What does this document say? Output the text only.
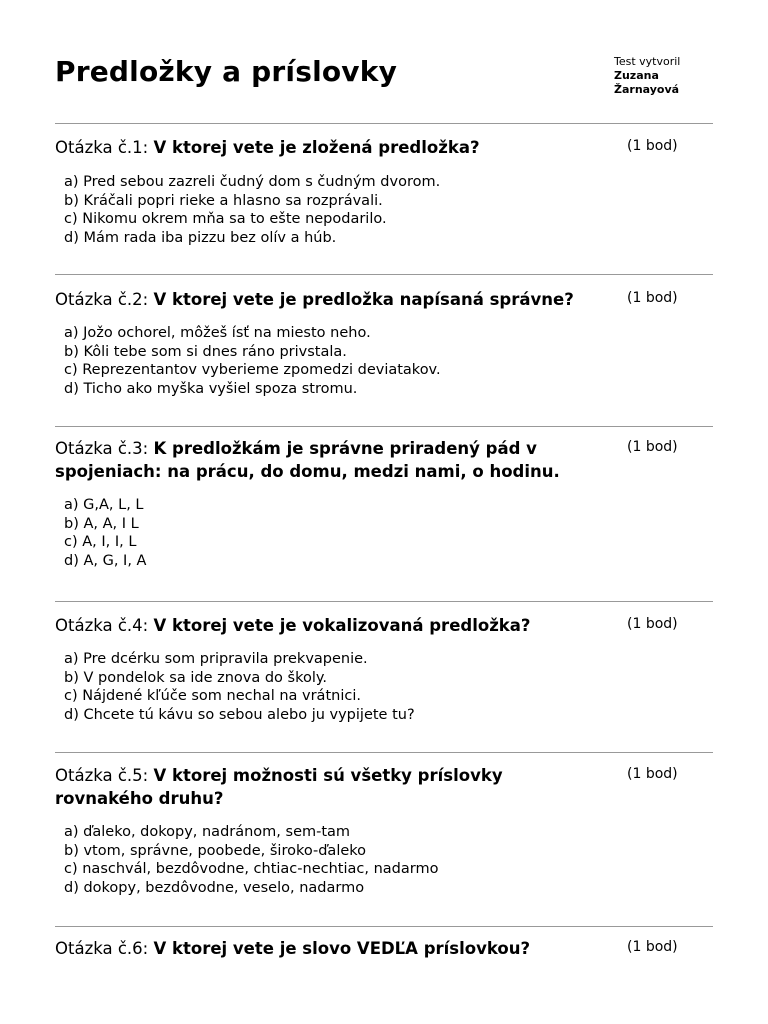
Predložky a príslovky	Test vytvoril

Zuzana
Žarnayová
Otázka č.1: V ktorej vete je zložená predložka?	(1 bod)
a) Pred sebou zazreli čudný dom s čudným dvorom.
b) Kráčali popri rieke a hlasno sa rozprávali.
c) Nikomu okrem mňa sa to ešte nepodarilo.
d) Mám rada iba pizzu bez olív a húb.
Otázka č.2: V ktorej vete je predložka napísaná správne?	(1 bod)
a) Jožo ochorel, môžeš ísť na miesto neho.
b) Kôli tebe som si dnes ráno privstala.
c) Reprezentantov vyberieme zpomedzi deviatakov.
d) Ticho ako myška vyšiel spoza stromu.
Otázka č.3: K predložkám je správne priradený pád v spojeniach: na prácu, do domu, medzi nami, o hodinu.
(1 bod)
a) G,A, L, L
b) A, A, I L
c) A, I, I, L
d) A, G, I, A
Otázka č.4: V ktorej vete je vokalizovaná predložka?	(1 bod)
a) Pre dcérku som pripravila prekvapenie.
b) V pondelok sa ide znova do školy.
c) Nájdené kľúče som nechal na vrátnici.
d) Chcete tú kávu so sebou alebo ju vypijete tu?
Otázka č.5: V ktorej možnosti sú všetky príslovky rovnakého druhu?
(1 bod)
a) ďaleko, dokopy, nadránom, sem-tam
b) vtom, správne, poobede, široko-ďaleko
c) naschvál, bezdôvodne, chtiac-nechtiac, nadarmo
d) dokopy, bezdôvodne, veselo, nadarmo
Otázka č.6: V ktorej vete je slovo VEDĽA príslovkou?	(1 bod)
